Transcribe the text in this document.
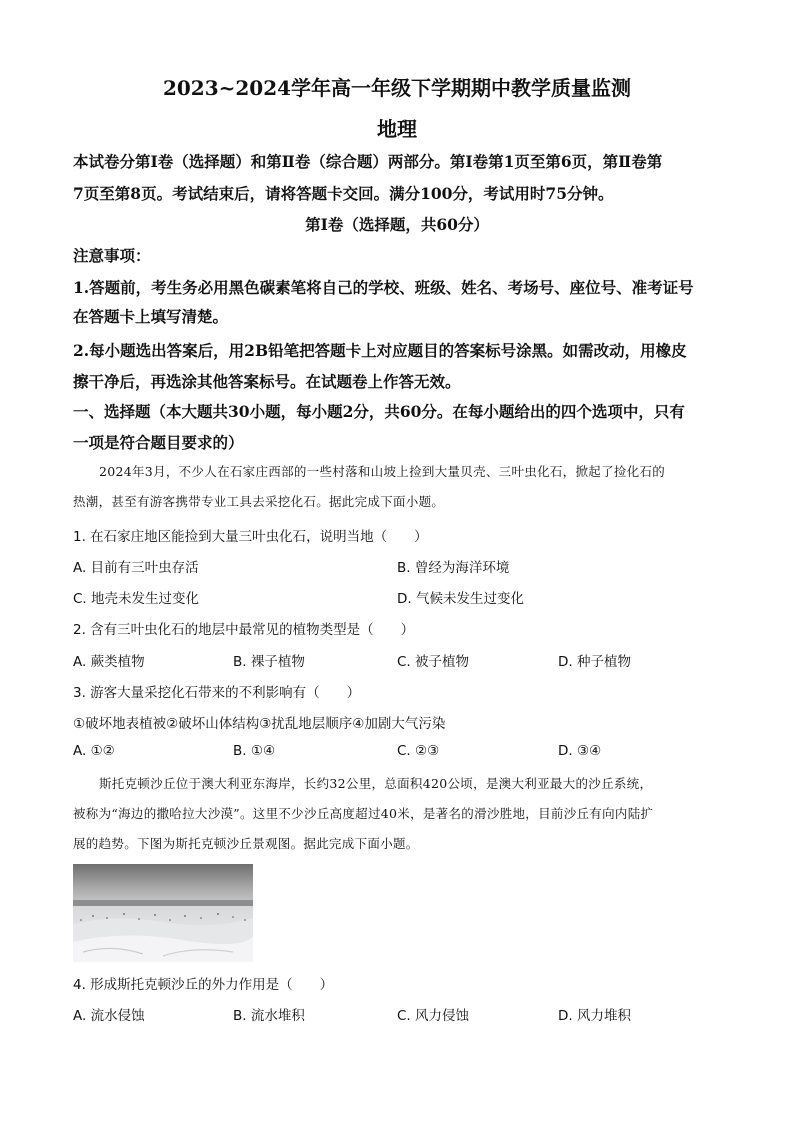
2023~2024学年高一年级下学期期中教学质量监测
地理
本试卷分第Ⅰ卷（选择题）和第Ⅱ卷（综合题）两部分。第Ⅰ卷第1页至第6页，第Ⅱ卷第
7页至第8页。考试结束后，请将答题卡交回。满分100分，考试用时75分钟。
第Ⅰ卷（选择题，共60分）
注意事项：
1.答题前，考生务必用黑色碳素笔将自己的学校、班级、姓名、考场号、座位号、准考证号
在答题卡上填写清楚。
2.每小题选出答案后，用2B铅笔把答题卡上对应题目的答案标号涂黑。如需改动，用橡皮
擦干净后，再选涂其他答案标号。在试题卷上作答无效。
一、选择题（本大题共30小题，每小题2分，共60分。在每小题给出的四个选项中，只有
一项是符合题目要求的）
2024年3月，不少人在石家庄西部的一些村落和山坡上捡到大量贝壳、三叶虫化石，掀起了捡化石的
热潮，甚至有游客携带专业工具去采挖化石。据此完成下面小题。
1. 在石家庄地区能捡到大量三叶虫化石，说明当地（　　）
A. 目前有三叶虫存活	B. 曾经为海洋环境
C. 地壳未发生过变化	D. 气候未发生过变化
2. 含有三叶虫化石的地层中最常见的植物类型是（　　）
A. 蕨类植物	B. 裸子植物	C. 被子植物	D. 种子植物
3. 游客大量采挖化石带来的不利影响有（　　）
①破坏地表植被②破坏山体结构③扰乱地层顺序④加剧大气污染
A. ①②	B. ①④	C. ②③	D. ③④
斯托克顿沙丘位于澳大利亚东海岸，长约32公里，总面积420公顷，是澳大利亚最大的沙丘系统，
被称为“海边的撒哈拉大沙漠”。这里不少沙丘高度超过40米，是著名的滑沙胜地，目前沙丘有向内陆扩
展的趋势。下图为斯托克顿沙丘景观图。据此完成下面小题。
4. 形成斯托克顿沙丘的外力作用是（　　）
A. 流水侵蚀	B. 流水堆积	C. 风力侵蚀	D. 风力堆积
